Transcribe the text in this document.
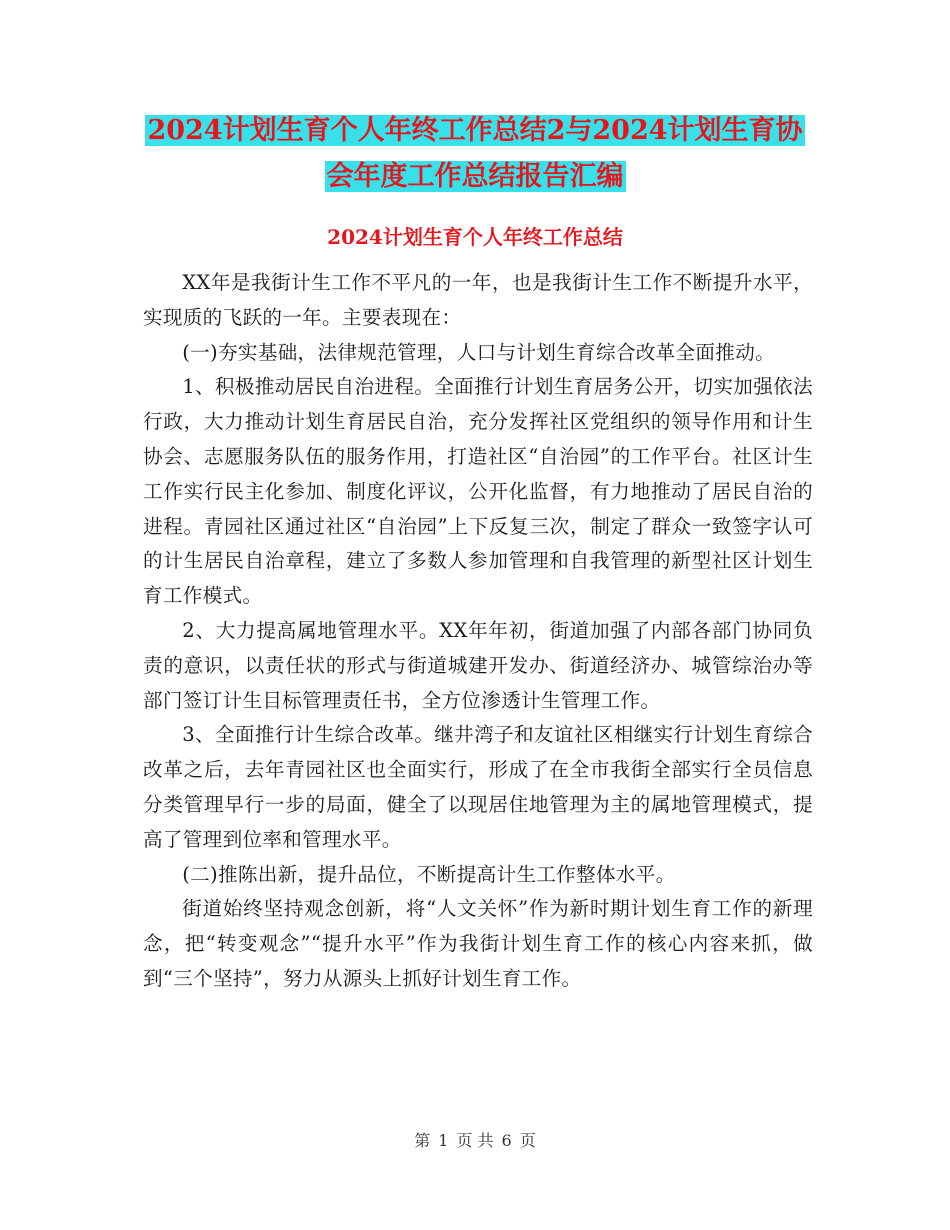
2024计划生育个人年终工作总结2与2024计划生育协
会年度工作总结报告汇编
2024计划生育个人年终工作总结

XX年是我街计生工作不平凡的一年，也是我街计生工作不断提升水平，实现质的飞跃的一年。主要表现在：

(一)夯实基础，法律规范管理，人口与计划生育综合改革全面推动。

1、积极推动居民自治进程。全面推行计划生育居务公开，切实加强依法行政，大力推动计划生育居民自治，充分发挥社区党组织的领导作用和计生协会、志愿服务队伍的服务作用，打造社区“自治园”的工作平台。社区计生工作实行民主化参加、制度化评议，公开化监督，有力地推动了居民自治的进程。青园社区通过社区“自治园”上下反复三次，制定了群众一致签字认可的计生居民自治章程，建立了多数人参加管理和自我管理的新型社区计划生育工作模式。

2、大力提高属地管理水平。XX年年初，街道加强了内部各部门协同负责的意识，以责任状的形式与街道城建开发办、街道经济办、城管综治办等部门签订计生目标管理责任书，全方位渗透计生管理工作。

3、全面推行计生综合改革。继井湾子和友谊社区相继实行计划生育综合改革之后，去年青园社区也全面实行，形成了在全市我街全部实行全员信息分类管理早行一步的局面，健全了以现居住地管理为主的属地管理模式，提高了管理到位率和管理水平。

(二)推陈出新，提升品位，不断提高计生工作整体水平。

街道始终坚持观念创新，将“人文关怀”作为新时期计划生育工作的新理念，把“转变观念”“提升水平”作为我街计划生育工作的核心内容来抓，做到“三个坚持”，努力从源头上抓好计划生育工作。

第 1 页 共 6 页
